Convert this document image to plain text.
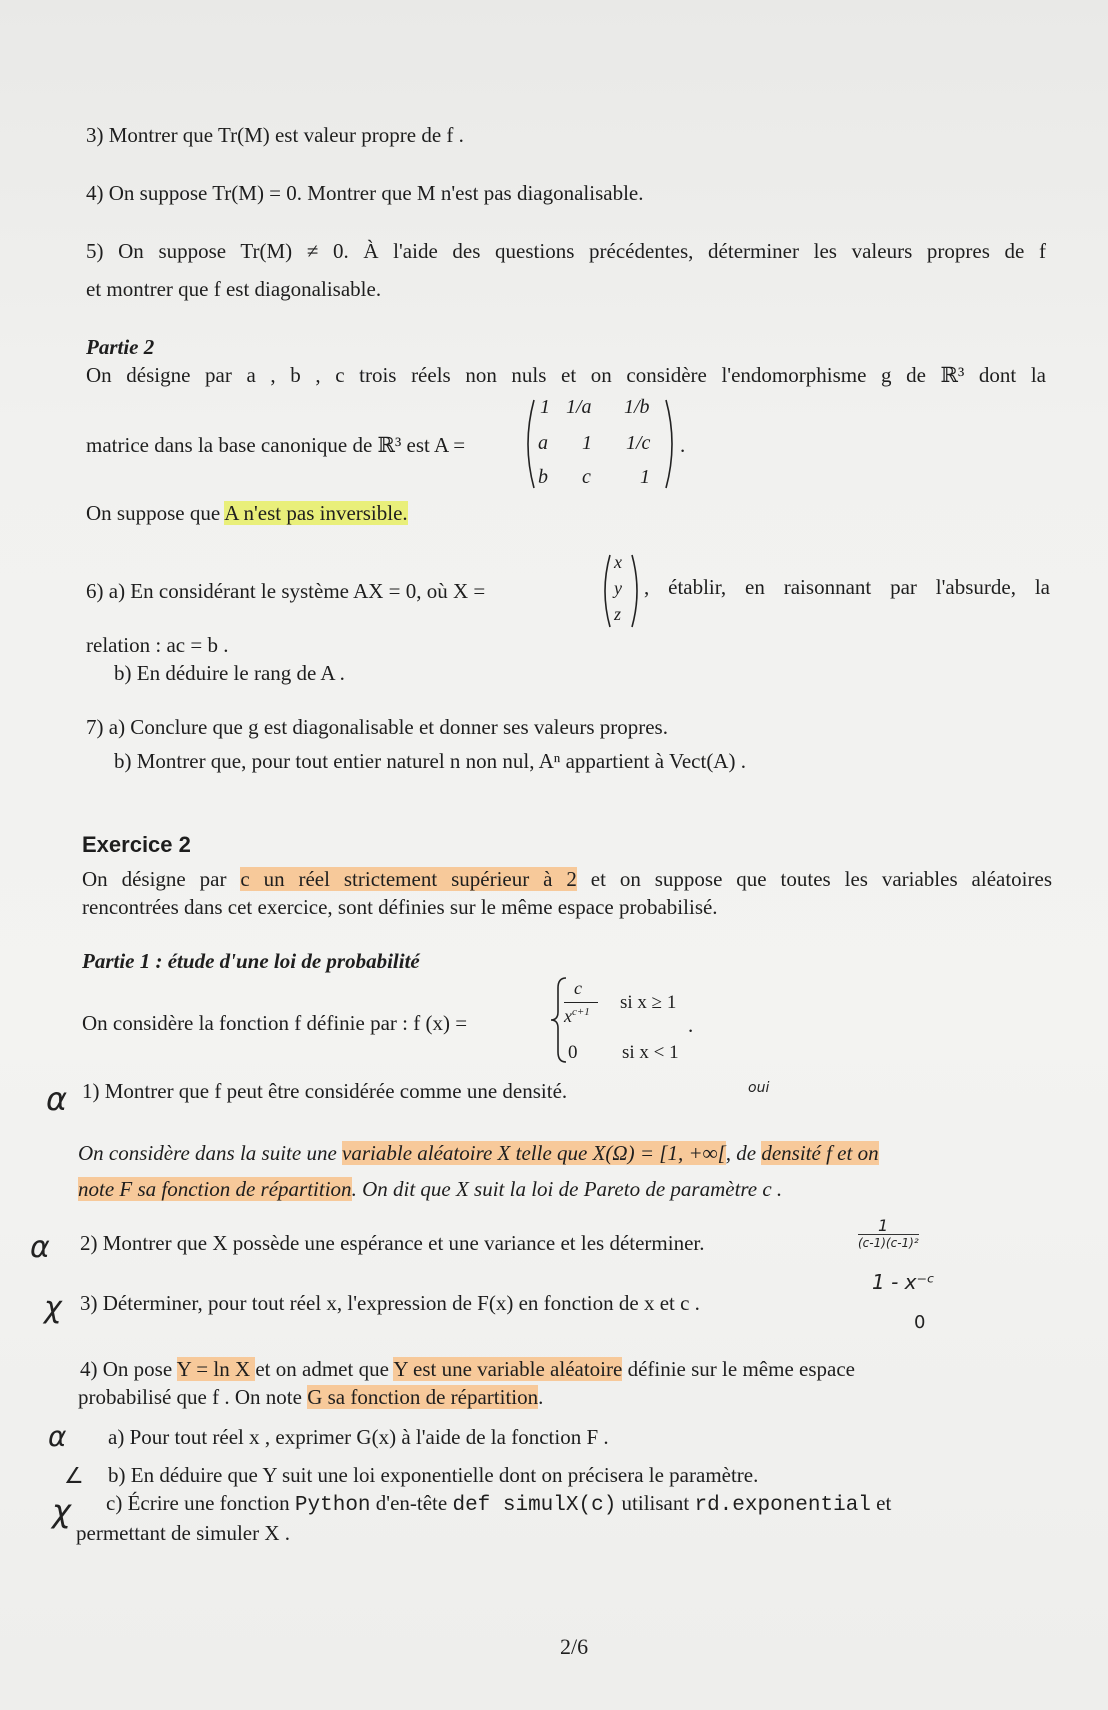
3) Montrer que Tr(M) est valeur propre de f .
4) On suppose Tr(M) = 0. Montrer que M n'est pas diagonalisable.
5) On suppose Tr(M) ≠ 0. À l'aide des questions précédentes, déterminer les valeurs propres de f
et montrer que f est diagonalisable.
Partie 2
On désigne par a , b , c trois réels non nuls et on considère l'endomorphisme g de ℝ³ dont la
matrice dans la base canonique de ℝ³ est A =
1 1/a 1/b
a 1 1/c
b c 1
.
On suppose que A n'est pas inversible.
6) a) En considérant le système AX = 0, où X =
x
y
z
, établir, en raisonnant par l'absurde, la
relation : ac = b .
b) En déduire le rang de A .
7) a) Conclure que g est diagonalisable et donner ses valeurs propres.
b) Montrer que, pour tout entier naturel n non nul, Aⁿ appartient à Vect(A) .
Exercice 2
On désigne par c un réel strictement supérieur à 2 et on suppose que toutes les variables aléatoires
rencontrées dans cet exercice, sont définies sur le même espace probabilisé.
Partie 1 : étude d'une loi de probabilité
On considère la fonction f définie par : f (x) =
c
$x^{c+1}$ si x ≥ 1
0 si x < 1
.
1) Montrer que f peut être considérée comme une densité.
On considère dans la suite une variable aléatoire X telle que X(Ω) = [1, +∞[, de densité f et on
note F sa fonction de répartition. On dit que X suit la loi de Pareto de paramètre c .
2) Montrer que X possède une espérance et une variance et les déterminer.
3) Déterminer, pour tout réel x, l'expression de F(x) en fonction de x et c .
4) On pose Y = ln X et on admet que Y est une variable aléatoire définie sur le même espace
probabilisé que f . On note G sa fonction de répartition.
a) Pour tout réel x , exprimer G(x) à l'aide de la fonction F .
b) En déduire que Y suit une loi exponentielle dont on précisera le paramètre.
c) Écrire une fonction Python d'en-tête def simulX(c) utilisant rd.exponential et
permettant de simuler X .
2/6
α
α
χ
α
∠
χ
oui
1
(c-1)(c-1)²
1 - x⁻ᶜ
0
